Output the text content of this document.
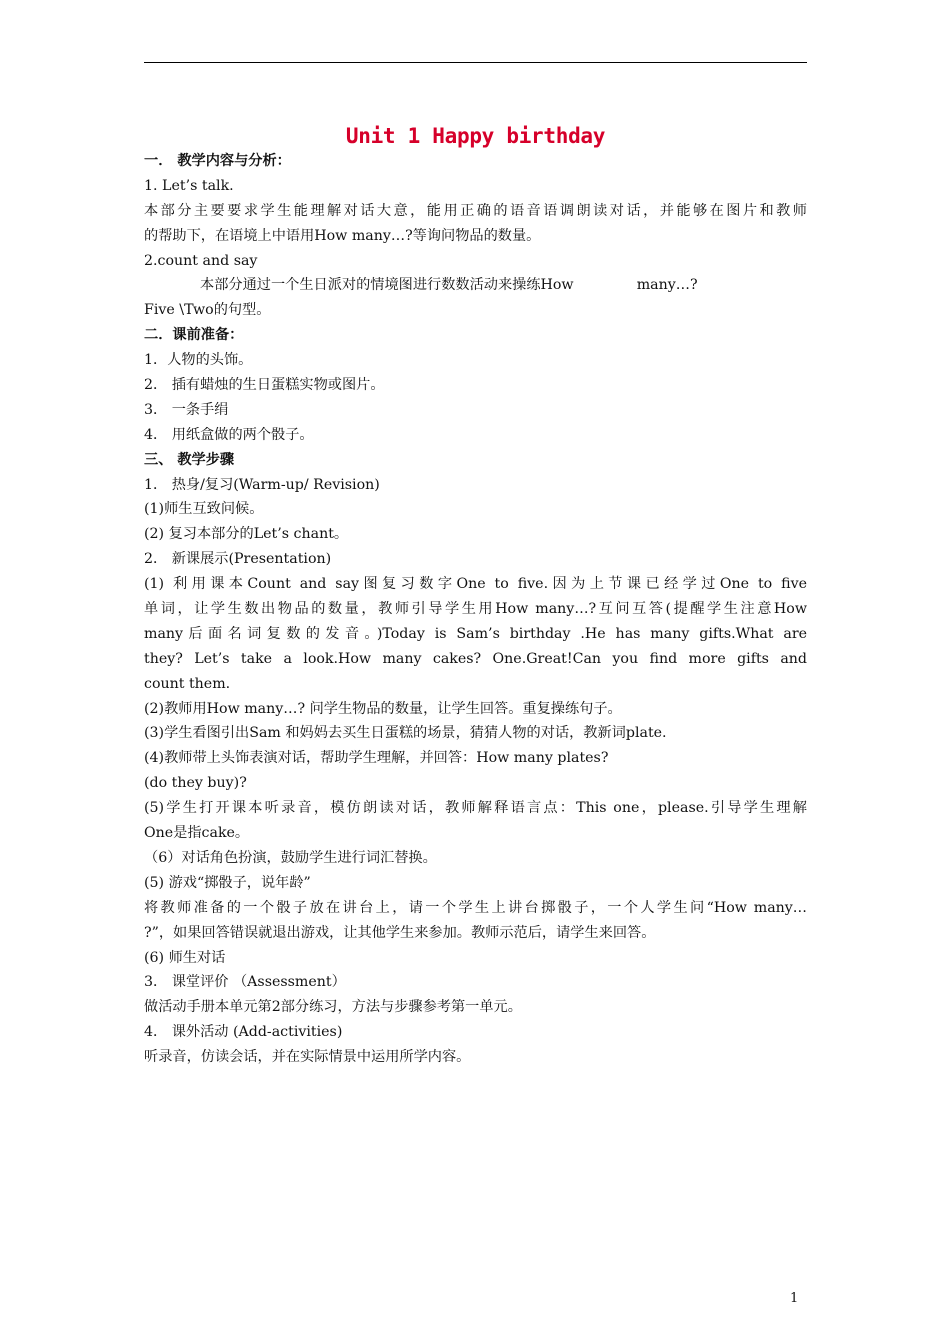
Unit 1 Happy birthday
一． 教学内容与分析：
1. Let’s talk.
本部分主要要求学生能理解对话大意，能用正确的语音语调朗读对话，并能够在图片和教师
的帮助下，在语境上中语用How many…?等询问物品的数量。
2.count and say
本部分通过一个生日派对的情境图进行数数活动来操练How              many…?
Five \Two的句型。
二．课前准备：
1．人物的头饰。
2． 插有蜡烛的生日蛋糕实物或图片。
3． 一条手绢
4． 用纸盒做的两个骰子。
三、 教学步骤
1． 热身/复习(Warm-up/ Revision)
(1)师生互致问候。
(2) 复习本部分的Let’s chant。
2． 新课展示(Presentation)
(1) 利用课本Count and say图复习数字One to five.因为上节课已经学过One to five
单词，让学生数出物品的数量，教师引导学生用How many…?互问互答(提醒学生注意How
many后面名词复数的发音。)Today is Sam’s birthday .He has many gifts.What are
they? Let’s take a look.How many cakes? One.Great!Can you find more gifts and
count them.
(2)教师用How many…? 问学生物品的数量，让学生回答。重复操练句子。
(3)学生看图引出Sam 和妈妈去买生日蛋糕的场景，猜猜人物的对话，教新词plate.
(4)教师带上头饰表演对话，帮助学生理解，并回答：How many plates?
(do they buy)?
(5)学生打开课本听录音，模仿朗读对话，教师解释语言点：This one，please.引导学生理解
One是指cake。
（6）对话角色扮演，鼓励学生进行词汇替换。
(5) 游戏“掷骰子，说年龄”
将教师准备的一个骰子放在讲台上，请一个学生上讲台掷骰子，一个人学生问“How many…
?”，如果回答错误就退出游戏，让其他学生来参加。教师示范后，请学生来回答。
(6) 师生对话
3． 课堂评价 （Assessment）
做活动手册本单元第2部分练习，方法与步骤参考第一单元。
4． 课外活动 (Add-activities)
听录音，仿读会话，并在实际情景中运用所学内容。
1
